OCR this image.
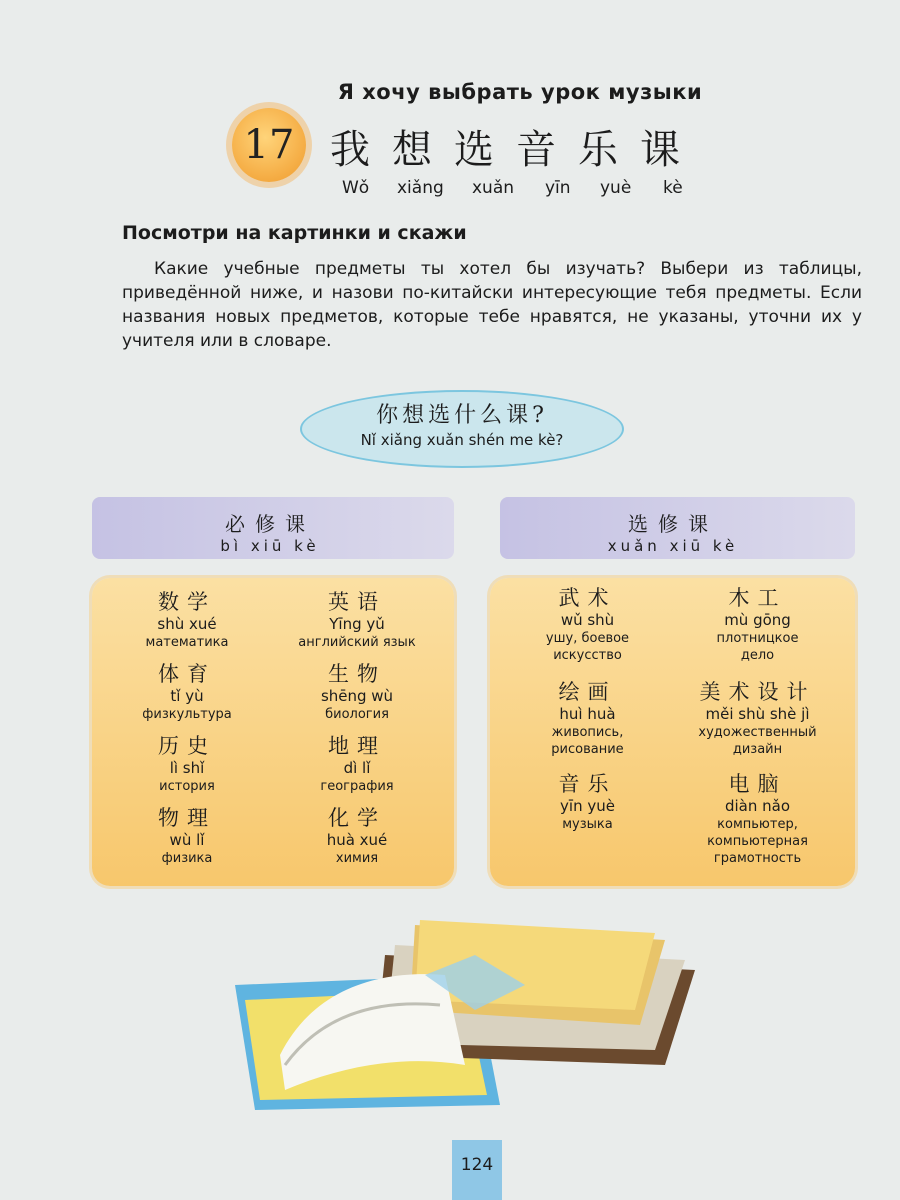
Я хочу выбрать урок музыки
17 我想选音乐课
Wǒ xiǎng xuǎn yīn yuè kè
Посмотри на картинки и скажи
Какие учебные предметы ты хотел бы изучать? Выбери из таблицы, приведённой ниже, и назови по-китайски интересующие тебя предметы. Если названия новых предметов, которые тебе нравятся, не указаны, уточни их у учителя или в словаре.
你想选什么课?
Nǐ xiǎng xuǎn shén me kè?
必修课
bì xiū kè
选修课
xuǎn xiū kè
数学
shù xué
математика
英语
Yīng yǔ
английский язык
体育
tǐ yù
физкультура
生物
shēng wù
биология
历史
lì shǐ
история
地理
dì lǐ
география
物理
wù lǐ
физика
化学
huà xué
химия
武术
wǔ shù
ушу, боевое искусство
木工
mù gōng
плотницкое дело
绘画
huì huà
живопись, рисование
美术设计
měi shù shè jì
художественный дизайн
音乐
yīn yuè
музыка
电脑
diàn nǎo
компьютер, компьютерная грамотность
124
